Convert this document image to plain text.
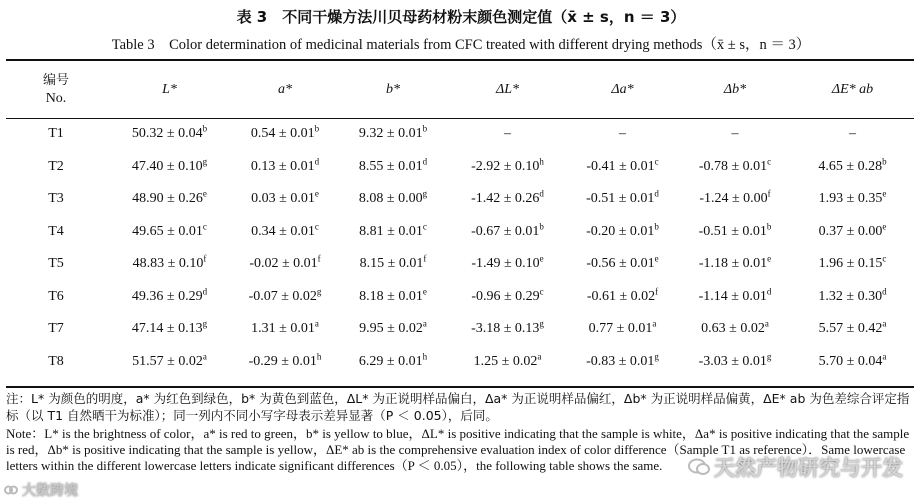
表 3　不同干燥方法川贝母药材粉末颜色测定值（x̄ ± s，n ＝ 3）
Table 3　Color determination of medicinal materials from CFC treated with different drying methods（x̄ ± s，n ＝ 3）
编号
No.	L*	a*	b*	ΔL*	Δa*	Δb*	ΔE* ab
T1	50.32 ± 0.04$^b$	0.54 ± 0.01$^b$	9.32 ± 0.01$^b$	–	–	–	–
T2	47.40 ± 0.10$^g$	0.13 ± 0.01$^d$	8.55 ± 0.01$^d$	-2.92 ± 0.10$^h$	-0.41 ± 0.01$^c$	-0.78 ± 0.01$^c$	4.65 ± 0.28$^b$
T3	48.90 ± 0.26$^e$	0.03 ± 0.01$^e$	8.08 ± 0.00$^g$	-1.42 ± 0.26$^d$	-0.51 ± 0.01$^d$	-1.24 ± 0.00$^f$	1.93 ± 0.35$^e$
T4	49.65 ± 0.01$^c$	0.34 ± 0.01$^c$	8.81 ± 0.01$^c$	-0.67 ± 0.01$^b$	-0.20 ± 0.01$^b$	-0.51 ± 0.01$^b$	0.37 ± 0.00$^e$
T5	48.83 ± 0.10$^f$	-0.02 ± 0.01$^f$	8.15 ± 0.01$^f$	-1.49 ± 0.10$^e$	-0.56 ± 0.01$^e$	-1.18 ± 0.01$^e$	1.96 ± 0.15$^c$
T6	49.36 ± 0.29$^d$	-0.07 ± 0.02$^g$	8.18 ± 0.01$^e$	-0.96 ± 0.29$^c$	-0.61 ± 0.02$^f$	-1.14 ± 0.01$^d$	1.32 ± 0.30$^d$
T7	47.14 ± 0.13$^g$	1.31 ± 0.01$^a$	9.95 ± 0.02$^a$	-3.18 ± 0.13$^g$	0.77 ± 0.01$^a$	0.63 ± 0.02$^a$	5.57 ± 0.42$^a$
T8	51.57 ± 0.02$^a$	-0.29 ± 0.01$^h$	6.29 ± 0.01$^h$	1.25 ± 0.02$^a$	-0.83 ± 0.01$^g$	-3.03 ± 0.01$^g$	5.70 ± 0.04$^a$
注：L* 为颜色的明度，a* 为红色到绿色，b* 为黄色到蓝色，ΔL* 为正说明样品偏白，Δa* 为正说明样品偏红，Δb* 为正说明样品偏黄，ΔE* ab 为色差综合评定指标（以 T1 自然晒干为标准）；同一列内不同小写字母表示差异显著（P ＜ 0.05），后同。
Note：L* is the brightness of color，a* is red to green，b* is yellow to blue，ΔL* is positive indicating that the sample is white，Δa* is positive indicating that the sample is red，Δb* is positive indicating that the sample is yellow，ΔE* ab is the comprehensive evaluation index of color difference（Sample T1 as reference）．Same lowercase letters within the different lowercase letters indicate significant differences（P ＜ 0.05），the following table shows the same.
大数跨境
天然产物研究与开发
